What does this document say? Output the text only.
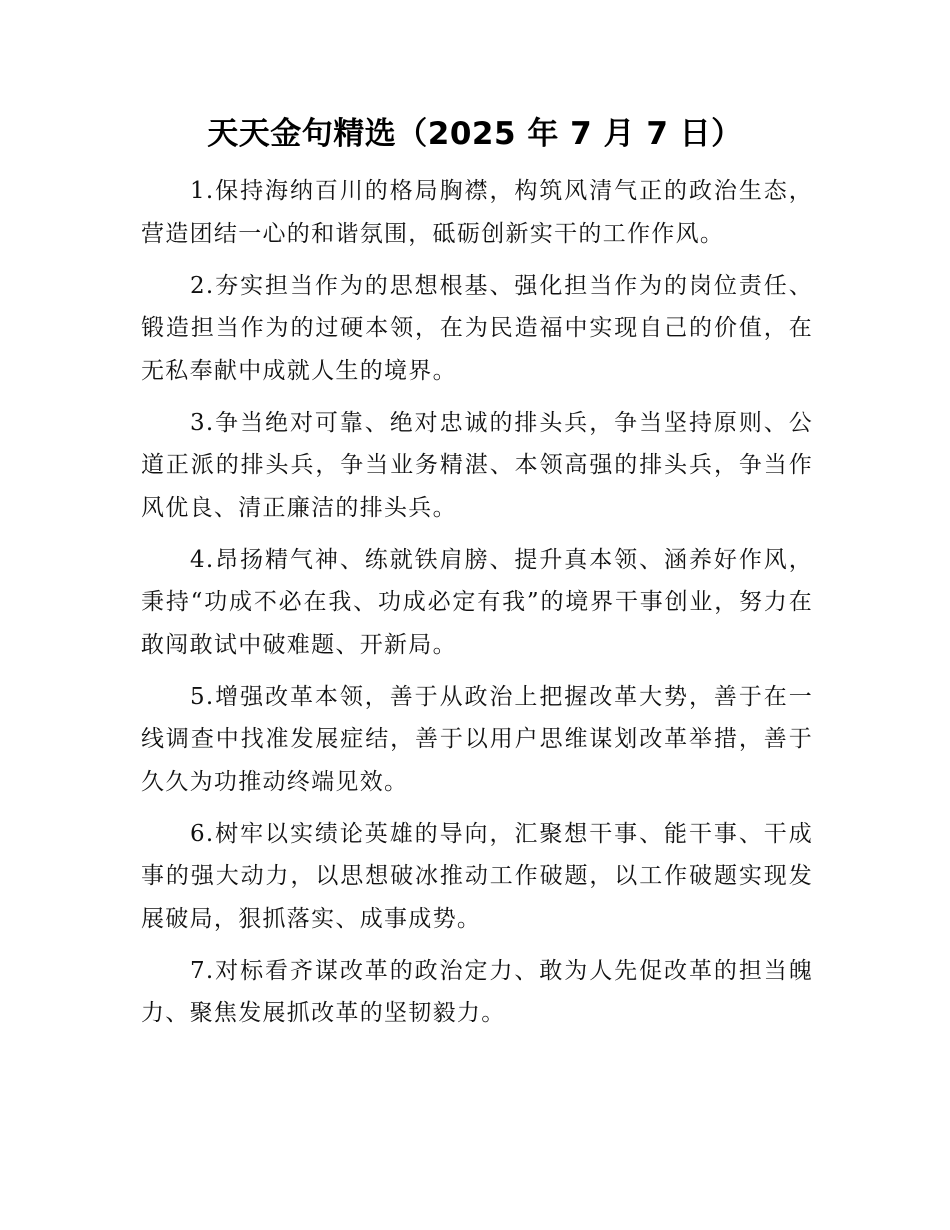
天天金句精选（2025 年 7 月 7 日）

1.保持海纳百川的格局胸襟，构筑风清气正的政治生态，营造团结一心的和谐氛围，砥砺创新实干的工作作风。

2.夯实担当作为的思想根基、强化担当作为的岗位责任、锻造担当作为的过硬本领，在为民造福中实现自己的价值，在无私奉献中成就人生的境界。

3.争当绝对可靠、绝对忠诚的排头兵，争当坚持原则、公道正派的排头兵，争当业务精湛、本领高强的排头兵，争当作风优良、清正廉洁的排头兵。

4.昂扬精气神、练就铁肩膀、提升真本领、涵养好作风，秉持“功成不必在我、功成必定有我”的境界干事创业，努力在敢闯敢试中破难题、开新局。

5.增强改革本领，善于从政治上把握改革大势，善于在一线调查中找准发展症结，善于以用户思维谋划改革举措，善于久久为功推动终端见效。

6.树牢以实绩论英雄的导向，汇聚想干事、能干事、干成事的强大动力，以思想破冰推动工作破题，以工作破题实现发展破局，狠抓落实、成事成势。

7.对标看齐谋改革的政治定力、敢为人先促改革的担当魄力、聚焦发展抓改革的坚韧毅力。
